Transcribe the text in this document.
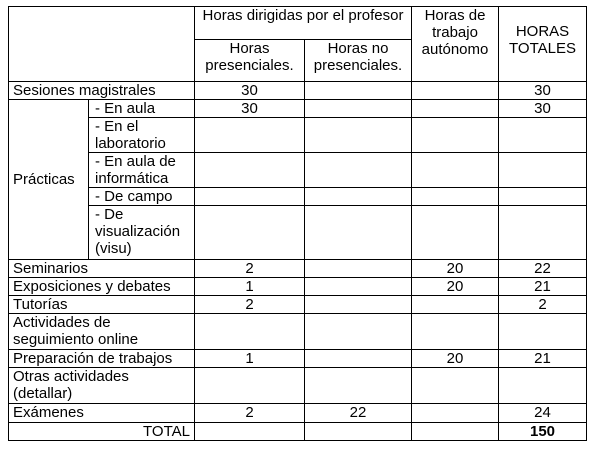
		Horas dirigidas por el profesor		Horas de trabajo autónomo	HORAS TOTALES
		Horas presenciales.	Horas no presenciales.		
Sesiones magistrales		30			30
Prácticas	- En aula	30			30
	- En el laboratorio				
	- En aula de informática				
	- De campo				
	- De visualización (visu)				
Seminarios		2		20	22
Exposiciones y debates		1		20	21
Tutorías		2			2
Actividades de seguimiento online					
Preparación de trabajos		1		20	21
Otras actividades (detallar)					
Exámenes		2	22		24
TOTAL					150
